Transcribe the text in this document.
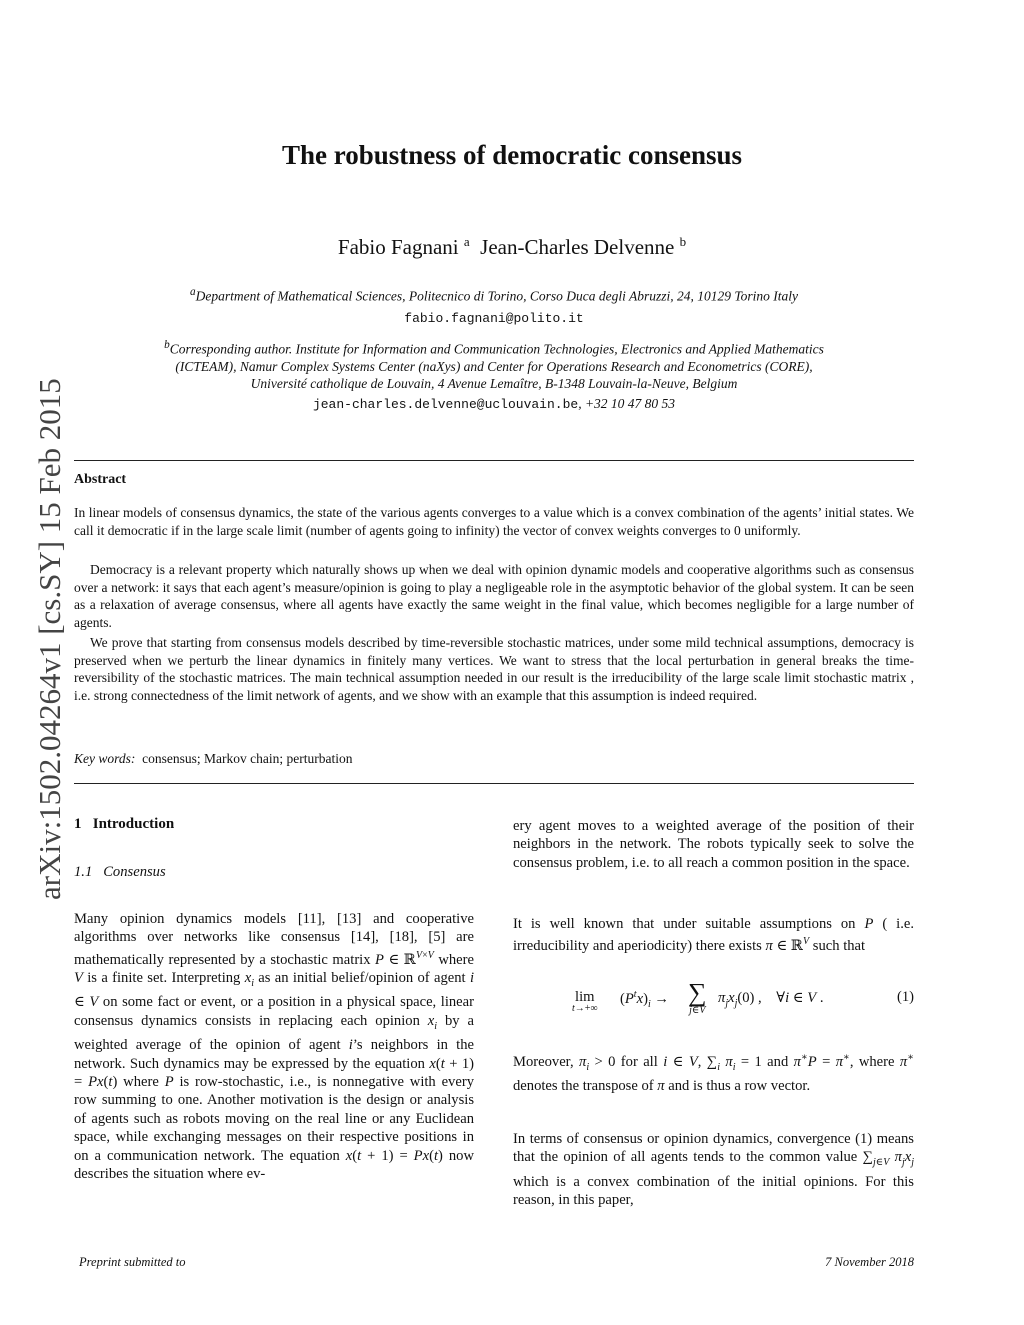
arXiv:1502.04264v1 [cs.SY] 15 Feb 2015
The robustness of democratic consensus
Fabio Fagnani $^a$ Jean-Charles Delvenne $^b$
$^a$Department of Mathematical Sciences, Politecnico di Torino, Corso Duca degli Abruzzi, 24, 10129 Torino Italy
fabio.fagnani@polito.it
$^b$Corresponding author. Institute for Information and Communication Technologies, Electronics and Applied Mathematics
(ICTEAM), Namur Complex Systems Center (naXys) and Center for Operations Research and Econometrics (CORE),
Université catholique de Louvain, 4 Avenue Lemaître, B-1348 Louvain-la-Neuve, Belgium
jean-charles.delvenne@uclouvain.be, +32 10 47 80 53
Abstract
In linear models of consensus dynamics, the state of the various agents converges to a value which is a convex combination of the agents’ initial states. We call it democratic if in the large scale limit (number of agents going to infinity) the vector of convex weights converges to 0 uniformly.
Democracy is a relevant property which naturally shows up when we deal with opinion dynamic models and cooperative algorithms such as consensus over a network: it says that each agent’s measure/opinion is going to play a negligeable role in the asymptotic behavior of the global system. It can be seen as a relaxation of average consensus, where all agents have exactly the same weight in the final value, which becomes negligible for a large number of agents.
We prove that starting from consensus models described by time-reversible stochastic matrices, under some mild technical assumptions, democracy is preserved when we perturb the linear dynamics in finitely many vertices. We want to stress that the local perturbation in general breaks the time-reversibility of the stochastic matrices. The main technical assumption needed in our result is the irreducibility of the large scale limit stochastic matrix , i.e. strong connectedness of the limit network of agents, and we show with an example that this assumption is indeed required.
Key words: consensus; Markov chain; perturbation
1 Introduction
1.1 Consensus
Many opinion dynamics models [11], [13] and cooperative algorithms over networks like consensus [14], [18], [5] are mathematically represented by a stochastic matrix P ∈ ℝ$^{V\times V}$ where V is a finite set. Interpreting $x_i$ as an initial belief/opinion of agent i ∈ V on some fact or event, or a position in a physical space, linear consensus dynamics consists in replacing each opinion $x_i$ by a weighted average of the opinion of agent i’s neighbors in the network. Such dynamics may be expressed by the equation x(t + 1) = Px(t) where P is row-stochastic, i.e., is nonnegative with every row summing to one. Another motivation is the design or analysis of agents such as robots moving on the real line or any Euclidean space, while exchanging messages on their respective positions in on a communication network. The equation x(t + 1) = Px(t) now describes the situation where ev-
ery agent moves to a weighted average of the position of their neighbors in the network. The robots typically seek to solve the consensus problem, i.e. to all reach a common position in the space.
It is well known that under suitable assumptions on P ( i.e. irreducibility and aperiodicity) there exists π ∈ ℝ$^V$ such that
lim
t→+∞
$(P^tx)_i$ → ∑
j∈V
$\pi_jx_j(0)$ ,    ∀i ∈ V .	(1)
Moreover, $\pi_i > 0$ for all i ∈ V, $\sum_i$ $\pi_i = 1$ and π∗P = π∗, where π∗ denotes the transpose of π and is thus a row vector.
In terms of consensus or opinion dynamics, convergence (1) means that the opinion of all agents tends to the common value $\sum_{j\in V}$ $\pi_jx_j$ which is a convex combination of the initial opinions. For this reason, in this paper,
Preprint submitted to	7 November 2018
